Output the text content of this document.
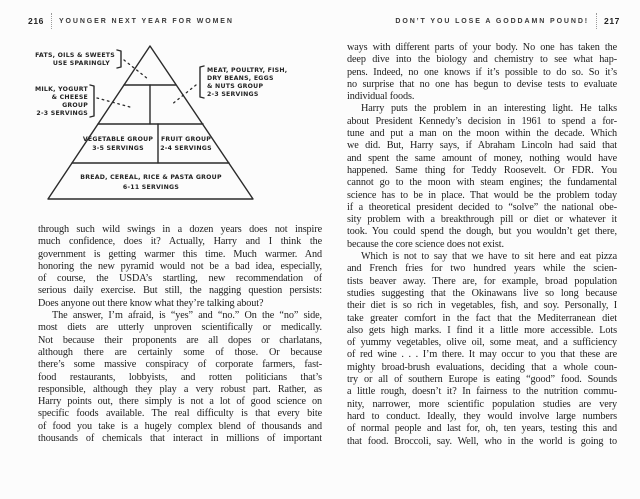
216 YOUNGER NEXT YEAR FOR WOMEN
FATS, OILS & SWEETS
USE SPARINGLY
MILK, YOGURT
& CHEESE
GROUP
2-3 SERVINGS
MEAT, POULTRY, FISH,
DRY BEANS, EGGS
& NUTS GROUP
2-3 SERVINGS
VEGETABLE GROUP
3-5 SERVINGS
FRUIT GROUP
2-4 SERVINGS
BREAD, CEREAL, RICE & PASTA GROUP
6-11 SERVINGS
through such wild swings in a dozen years does not inspire
much confidence, does it? Actually, Harry and I think the
government is getting warmer this time. Much warmer. And
honoring the new pyramid would not be a bad idea, especially,
of course, the USDA’s startling, new recommendation of
serious daily exercise. But still, the nagging question persists:
Does anyone out there know what they’re talking about?
The answer, I’m afraid, is “yes” and “no.” On the “no” side,
most diets are utterly unproven scientifically or medically.
Not because their proponents are all dopes or charlatans,
although there are certainly some of those. Or because
there’s some massive conspiracy of corporate farmers, fast-
food restaurants, lobbyists, and rotten politicians that’s
responsible, although they play a very robust part. Rather, as
Harry points out, there simply is not a lot of good science on
specific foods available. The real difficulty is that every bite
of food you take is a hugely complex blend of thousands and
thousands of chemicals that interact in millions of important
DON’T YOU LOSE A GODDAMN POUND! 217
ways with different parts of your body. No one has taken the
deep dive into the biology and chemistry to see what hap-
pens. Indeed, no one knows if it’s possible to do so. So it’s
no surprise that no one has begun to devise tests to evaluate
individual foods.
Harry puts the problem in an interesting light. He talks
about President Kennedy’s decision in 1961 to spend a for-
tune and put a man on the moon within the decade. Which
we did. But, Harry says, if Abraham Lincoln had said that
and spent the same amount of money, nothing would have
happened. Same thing for Teddy Roosevelt. Or FDR. You
cannot go to the moon with steam engines; the fundamental
science has to be in place. That would be the problem today
if a theoretical president decided to “solve” the national obe-
sity problem with a breakthrough pill or diet or whatever it
took. You could spend the dough, but you wouldn’t get there,
because the core science does not exist.
Which is not to say that we have to sit here and eat pizza
and French fries for two hundred years while the scien-
tists beaver away. There are, for example, broad population
studies suggesting that the Okinawans live so long because
their diet is so rich in vegetables, fish, and soy. Personally, I
take greater comfort in the fact that the Mediterranean diet
also gets high marks. I find it a little more accessible. Lots
of yummy vegetables, olive oil, some meat, and a sufficiency
of red wine . . . I’m there. It may occur to you that these are
mighty broad-brush evaluations, deciding that a whole coun-
try or all of southern Europe is eating “good” food. Sounds
a little rough, doesn’t it? In fairness to the nutrition commu-
nity, narrower, more scientific population studies are very
hard to conduct. Ideally, they would involve large numbers
of normal people and last for, oh, ten years, testing this and
that food. Broccoli, say. Well, who in the world is going to
